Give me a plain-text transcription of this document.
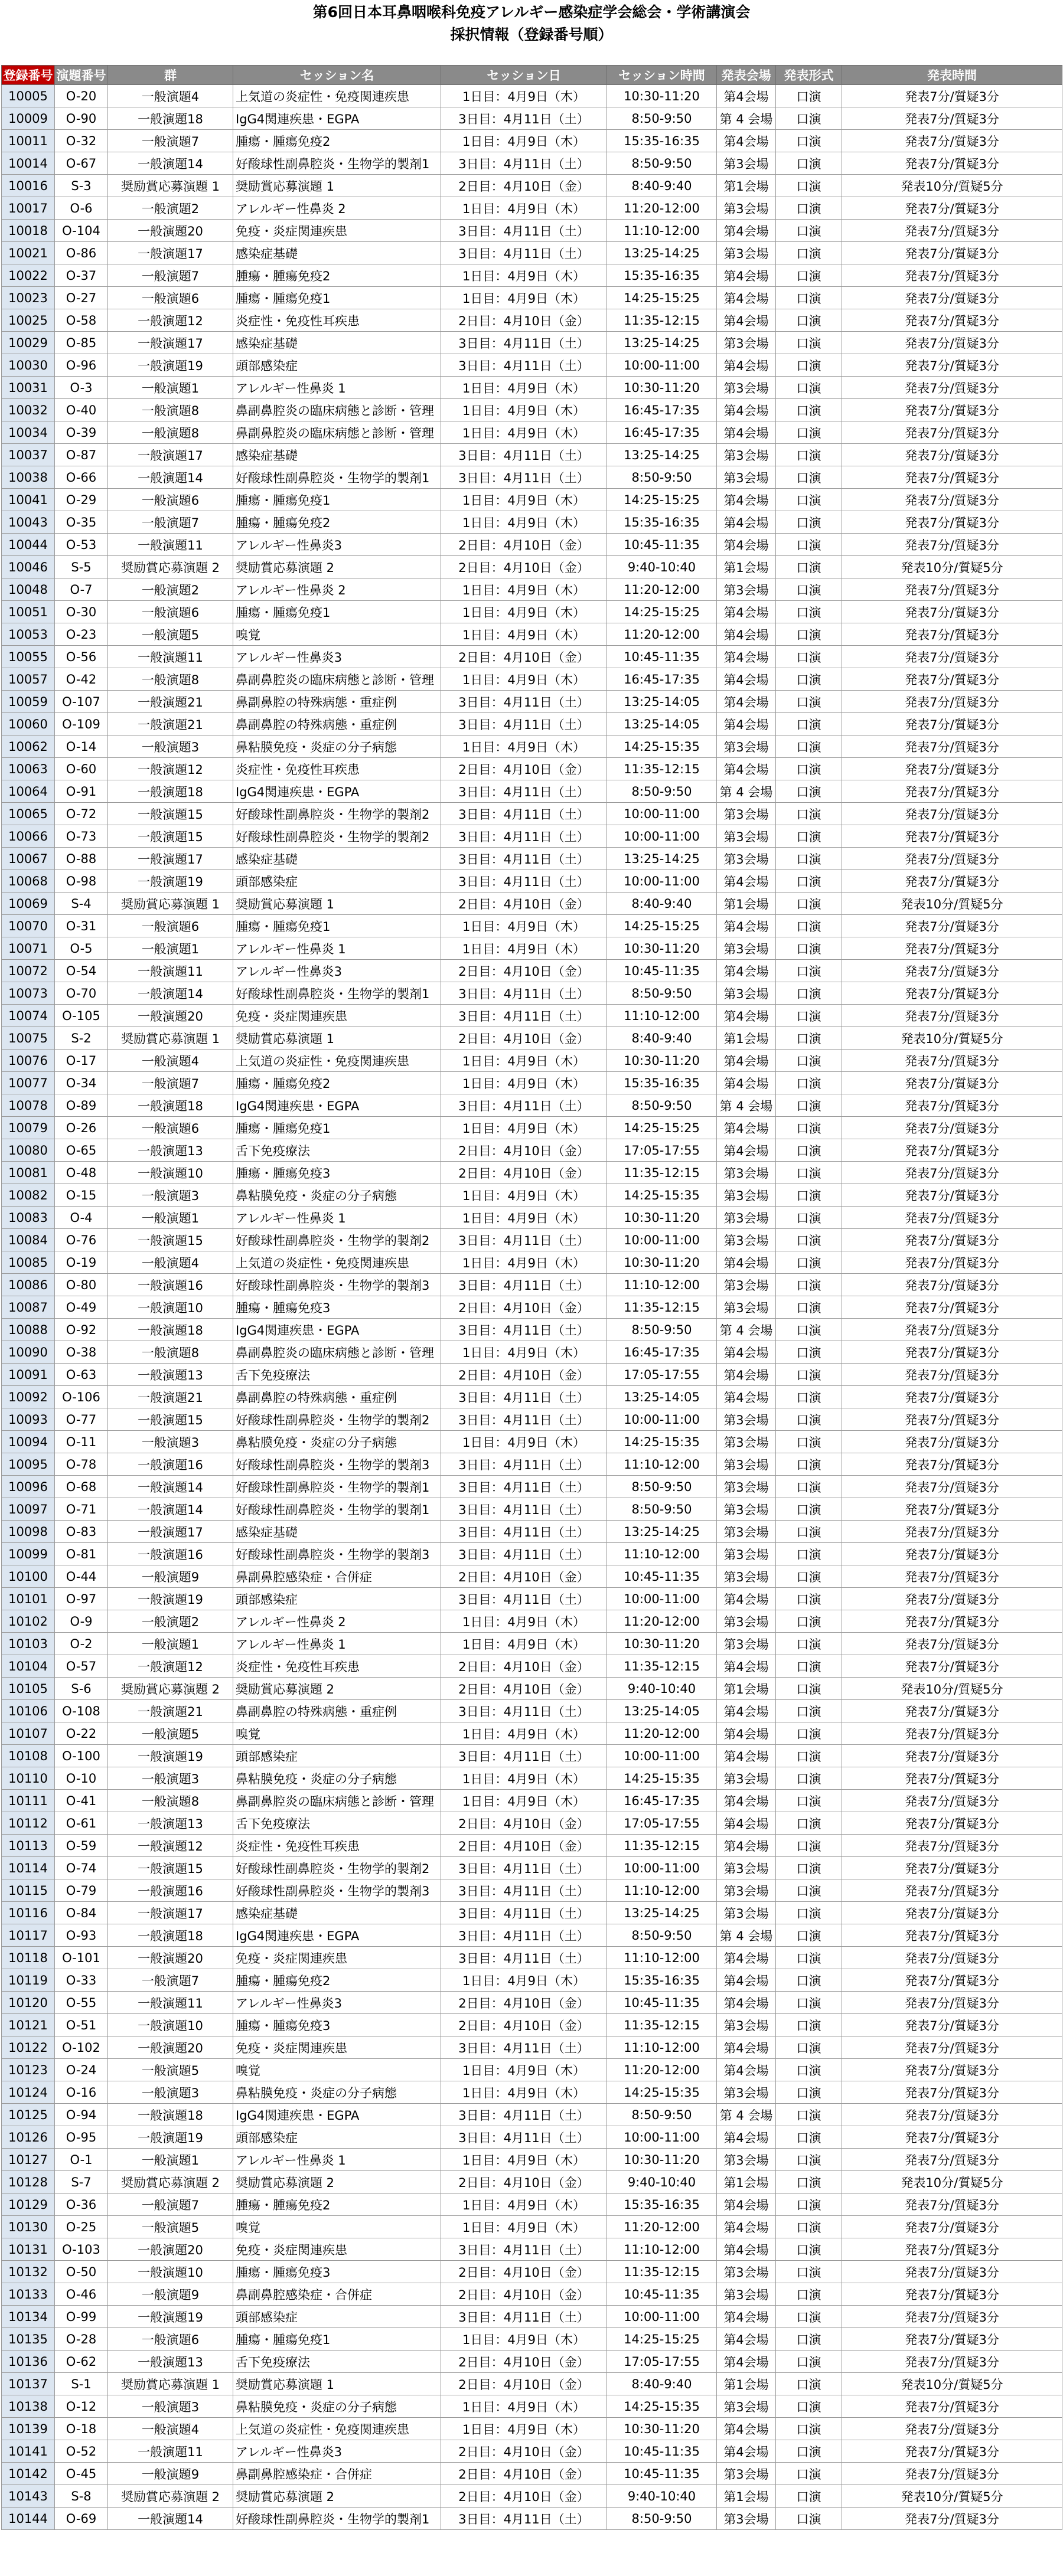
第6回日本耳鼻咽喉科免疫アレルギー感染症学会総会・学術講演会
採択情報（登録番号順）
登録番号	演題番号	群	セッション名	セッション日	セッション時間	発表会場	発表形式	発表時間
10005	O-20	一般演題4	上気道の炎症性・免疫関連疾患	1日目：4月9日（木）	10:30-11:20	第4会場	口演	発表7分/質疑3分
10009	O-90	一般演題18	IgG4関連疾患・EGPA	3日目：4月11日（土）	8:50-9:50	第 4 会場	口演	発表7分/質疑3分
10011	O-32	一般演題7	腫瘍・腫瘍免疫2	1日目：4月9日（木）	15:35-16:35	第4会場	口演	発表7分/質疑3分
10014	O-67	一般演題14	好酸球性副鼻腔炎・生物学的製剤1	3日目：4月11日（土）	8:50-9:50	第3会場	口演	発表7分/質疑3分
10016	S-3	奨励賞応募演題 1	奨励賞応募演題 1	2日目：4月10日（金）	8:40-9:40	第1会場	口演	発表10分/質疑5分
10017	O-6	一般演題2	アレルギー性鼻炎 2	1日目：4月9日（木）	11:20-12:00	第3会場	口演	発表7分/質疑3分
10018	O-104	一般演題20	免疫・炎症関連疾患	3日目：4月11日（土）	11:10-12:00	第4会場	口演	発表7分/質疑3分
10021	O-86	一般演題17	感染症基礎	3日目：4月11日（土）	13:25-14:25	第3会場	口演	発表7分/質疑3分
10022	O-37	一般演題7	腫瘍・腫瘍免疫2	1日目：4月9日（木）	15:35-16:35	第4会場	口演	発表7分/質疑3分
10023	O-27	一般演題6	腫瘍・腫瘍免疫1	1日目：4月9日（木）	14:25-15:25	第4会場	口演	発表7分/質疑3分
10025	O-58	一般演題12	炎症性・免疫性耳疾患	2日目：4月10日（金）	11:35-12:15	第4会場	口演	発表7分/質疑3分
10029	O-85	一般演題17	感染症基礎	3日目：4月11日（土）	13:25-14:25	第3会場	口演	発表7分/質疑3分
10030	O-96	一般演題19	頭部感染症	3日目：4月11日（土）	10:00-11:00	第4会場	口演	発表7分/質疑3分
10031	O-3	一般演題1	アレルギー性鼻炎 1	1日目：4月9日（木）	10:30-11:20	第3会場	口演	発表7分/質疑3分
10032	O-40	一般演題8	鼻副鼻腔炎の臨床病態と診断・管理	1日目：4月9日（木）	16:45-17:35	第4会場	口演	発表7分/質疑3分
10034	O-39	一般演題8	鼻副鼻腔炎の臨床病態と診断・管理	1日目：4月9日（木）	16:45-17:35	第4会場	口演	発表7分/質疑3分
10037	O-87	一般演題17	感染症基礎	3日目：4月11日（土）	13:25-14:25	第3会場	口演	発表7分/質疑3分
10038	O-66	一般演題14	好酸球性副鼻腔炎・生物学的製剤1	3日目：4月11日（土）	8:50-9:50	第3会場	口演	発表7分/質疑3分
10041	O-29	一般演題6	腫瘍・腫瘍免疫1	1日目：4月9日（木）	14:25-15:25	第4会場	口演	発表7分/質疑3分
10043	O-35	一般演題7	腫瘍・腫瘍免疫2	1日目：4月9日（木）	15:35-16:35	第4会場	口演	発表7分/質疑3分
10044	O-53	一般演題11	アレルギー性鼻炎3	2日目：4月10日（金）	10:45-11:35	第4会場	口演	発表7分/質疑3分
10046	S-5	奨励賞応募演題 2	奨励賞応募演題 2	2日目：4月10日（金）	9:40-10:40	第1会場	口演	発表10分/質疑5分
10048	O-7	一般演題2	アレルギー性鼻炎 2	1日目：4月9日（木）	11:20-12:00	第3会場	口演	発表7分/質疑3分
10051	O-30	一般演題6	腫瘍・腫瘍免疫1	1日目：4月9日（木）	14:25-15:25	第4会場	口演	発表7分/質疑3分
10053	O-23	一般演題5	嗅覚	1日目：4月9日（木）	11:20-12:00	第4会場	口演	発表7分/質疑3分
10055	O-56	一般演題11	アレルギー性鼻炎3	2日目：4月10日（金）	10:45-11:35	第4会場	口演	発表7分/質疑3分
10057	O-42	一般演題8	鼻副鼻腔炎の臨床病態と診断・管理	1日目：4月9日（木）	16:45-17:35	第4会場	口演	発表7分/質疑3分
10059	O-107	一般演題21	鼻副鼻腔の特殊病態・重症例	3日目：4月11日（土）	13:25-14:05	第4会場	口演	発表7分/質疑3分
10060	O-109	一般演題21	鼻副鼻腔の特殊病態・重症例	3日目：4月11日（土）	13:25-14:05	第4会場	口演	発表7分/質疑3分
10062	O-14	一般演題3	鼻粘膜免疫・炎症の分子病態	1日目：4月9日（木）	14:25-15:35	第3会場	口演	発表7分/質疑3分
10063	O-60	一般演題12	炎症性・免疫性耳疾患	2日目：4月10日（金）	11:35-12:15	第4会場	口演	発表7分/質疑3分
10064	O-91	一般演題18	IgG4関連疾患・EGPA	3日目：4月11日（土）	8:50-9:50	第 4 会場	口演	発表7分/質疑3分
10065	O-72	一般演題15	好酸球性副鼻腔炎・生物学的製剤2	3日目：4月11日（土）	10:00-11:00	第3会場	口演	発表7分/質疑3分
10066	O-73	一般演題15	好酸球性副鼻腔炎・生物学的製剤2	3日目：4月11日（土）	10:00-11:00	第3会場	口演	発表7分/質疑3分
10067	O-88	一般演題17	感染症基礎	3日目：4月11日（土）	13:25-14:25	第3会場	口演	発表7分/質疑3分
10068	O-98	一般演題19	頭部感染症	3日目：4月11日（土）	10:00-11:00	第4会場	口演	発表7分/質疑3分
10069	S-4	奨励賞応募演題 1	奨励賞応募演題 1	2日目：4月10日（金）	8:40-9:40	第1会場	口演	発表10分/質疑5分
10070	O-31	一般演題6	腫瘍・腫瘍免疫1	1日目：4月9日（木）	14:25-15:25	第4会場	口演	発表7分/質疑3分
10071	O-5	一般演題1	アレルギー性鼻炎 1	1日目：4月9日（木）	10:30-11:20	第3会場	口演	発表7分/質疑3分
10072	O-54	一般演題11	アレルギー性鼻炎3	2日目：4月10日（金）	10:45-11:35	第4会場	口演	発表7分/質疑3分
10073	O-70	一般演題14	好酸球性副鼻腔炎・生物学的製剤1	3日目：4月11日（土）	8:50-9:50	第3会場	口演	発表7分/質疑3分
10074	O-105	一般演題20	免疫・炎症関連疾患	3日目：4月11日（土）	11:10-12:00	第4会場	口演	発表7分/質疑3分
10075	S-2	奨励賞応募演題 1	奨励賞応募演題 1	2日目：4月10日（金）	8:40-9:40	第1会場	口演	発表10分/質疑5分
10076	O-17	一般演題4	上気道の炎症性・免疫関連疾患	1日目：4月9日（木）	10:30-11:20	第4会場	口演	発表7分/質疑3分
10077	O-34	一般演題7	腫瘍・腫瘍免疫2	1日目：4月9日（木）	15:35-16:35	第4会場	口演	発表7分/質疑3分
10078	O-89	一般演題18	IgG4関連疾患・EGPA	3日目：4月11日（土）	8:50-9:50	第 4 会場	口演	発表7分/質疑3分
10079	O-26	一般演題6	腫瘍・腫瘍免疫1	1日目：4月9日（木）	14:25-15:25	第4会場	口演	発表7分/質疑3分
10080	O-65	一般演題13	舌下免疫療法	2日目：4月10日（金）	17:05-17:55	第4会場	口演	発表7分/質疑3分
10081	O-48	一般演題10	腫瘍・腫瘍免疫3	2日目：4月10日（金）	11:35-12:15	第3会場	口演	発表7分/質疑3分
10082	O-15	一般演題3	鼻粘膜免疫・炎症の分子病態	1日目：4月9日（木）	14:25-15:35	第3会場	口演	発表7分/質疑3分
10083	O-4	一般演題1	アレルギー性鼻炎 1	1日目：4月9日（木）	10:30-11:20	第3会場	口演	発表7分/質疑3分
10084	O-76	一般演題15	好酸球性副鼻腔炎・生物学的製剤2	3日目：4月11日（土）	10:00-11:00	第3会場	口演	発表7分/質疑3分
10085	O-19	一般演題4	上気道の炎症性・免疫関連疾患	1日目：4月9日（木）	10:30-11:20	第4会場	口演	発表7分/質疑3分
10086	O-80	一般演題16	好酸球性副鼻腔炎・生物学的製剤3	3日目：4月11日（土）	11:10-12:00	第3会場	口演	発表7分/質疑3分
10087	O-49	一般演題10	腫瘍・腫瘍免疫3	2日目：4月10日（金）	11:35-12:15	第3会場	口演	発表7分/質疑3分
10088	O-92	一般演題18	IgG4関連疾患・EGPA	3日目：4月11日（土）	8:50-9:50	第 4 会場	口演	発表7分/質疑3分
10090	O-38	一般演題8	鼻副鼻腔炎の臨床病態と診断・管理	1日目：4月9日（木）	16:45-17:35	第4会場	口演	発表7分/質疑3分
10091	O-63	一般演題13	舌下免疫療法	2日目：4月10日（金）	17:05-17:55	第4会場	口演	発表7分/質疑3分
10092	O-106	一般演題21	鼻副鼻腔の特殊病態・重症例	3日目：4月11日（土）	13:25-14:05	第4会場	口演	発表7分/質疑3分
10093	O-77	一般演題15	好酸球性副鼻腔炎・生物学的製剤2	3日目：4月11日（土）	10:00-11:00	第3会場	口演	発表7分/質疑3分
10094	O-11	一般演題3	鼻粘膜免疫・炎症の分子病態	1日目：4月9日（木）	14:25-15:35	第3会場	口演	発表7分/質疑3分
10095	O-78	一般演題16	好酸球性副鼻腔炎・生物学的製剤3	3日目：4月11日（土）	11:10-12:00	第3会場	口演	発表7分/質疑3分
10096	O-68	一般演題14	好酸球性副鼻腔炎・生物学的製剤1	3日目：4月11日（土）	8:50-9:50	第3会場	口演	発表7分/質疑3分
10097	O-71	一般演題14	好酸球性副鼻腔炎・生物学的製剤1	3日目：4月11日（土）	8:50-9:50	第3会場	口演	発表7分/質疑3分
10098	O-83	一般演題17	感染症基礎	3日目：4月11日（土）	13:25-14:25	第3会場	口演	発表7分/質疑3分
10099	O-81	一般演題16	好酸球性副鼻腔炎・生物学的製剤3	3日目：4月11日（土）	11:10-12:00	第3会場	口演	発表7分/質疑3分
10100	O-44	一般演題9	鼻副鼻腔感染症・合併症	2日目：4月10日（金）	10:45-11:35	第3会場	口演	発表7分/質疑3分
10101	O-97	一般演題19	頭部感染症	3日目：4月11日（土）	10:00-11:00	第4会場	口演	発表7分/質疑3分
10102	O-9	一般演題2	アレルギー性鼻炎 2	1日目：4月9日（木）	11:20-12:00	第3会場	口演	発表7分/質疑3分
10103	O-2	一般演題1	アレルギー性鼻炎 1	1日目：4月9日（木）	10:30-11:20	第3会場	口演	発表7分/質疑3分
10104	O-57	一般演題12	炎症性・免疫性耳疾患	2日目：4月10日（金）	11:35-12:15	第4会場	口演	発表7分/質疑3分
10105	S-6	奨励賞応募演題 2	奨励賞応募演題 2	2日目：4月10日（金）	9:40-10:40	第1会場	口演	発表10分/質疑5分
10106	O-108	一般演題21	鼻副鼻腔の特殊病態・重症例	3日目：4月11日（土）	13:25-14:05	第4会場	口演	発表7分/質疑3分
10107	O-22	一般演題5	嗅覚	1日目：4月9日（木）	11:20-12:00	第4会場	口演	発表7分/質疑3分
10108	O-100	一般演題19	頭部感染症	3日目：4月11日（土）	10:00-11:00	第4会場	口演	発表7分/質疑3分
10110	O-10	一般演題3	鼻粘膜免疫・炎症の分子病態	1日目：4月9日（木）	14:25-15:35	第3会場	口演	発表7分/質疑3分
10111	O-41	一般演題8	鼻副鼻腔炎の臨床病態と診断・管理	1日目：4月9日（木）	16:45-17:35	第4会場	口演	発表7分/質疑3分
10112	O-61	一般演題13	舌下免疫療法	2日目：4月10日（金）	17:05-17:55	第4会場	口演	発表7分/質疑3分
10113	O-59	一般演題12	炎症性・免疫性耳疾患	2日目：4月10日（金）	11:35-12:15	第4会場	口演	発表7分/質疑3分
10114	O-74	一般演題15	好酸球性副鼻腔炎・生物学的製剤2	3日目：4月11日（土）	10:00-11:00	第3会場	口演	発表7分/質疑3分
10115	O-79	一般演題16	好酸球性副鼻腔炎・生物学的製剤3	3日目：4月11日（土）	11:10-12:00	第3会場	口演	発表7分/質疑3分
10116	O-84	一般演題17	感染症基礎	3日目：4月11日（土）	13:25-14:25	第3会場	口演	発表7分/質疑3分
10117	O-93	一般演題18	IgG4関連疾患・EGPA	3日目：4月11日（土）	8:50-9:50	第 4 会場	口演	発表7分/質疑3分
10118	O-101	一般演題20	免疫・炎症関連疾患	3日目：4月11日（土）	11:10-12:00	第4会場	口演	発表7分/質疑3分
10119	O-33	一般演題7	腫瘍・腫瘍免疫2	1日目：4月9日（木）	15:35-16:35	第4会場	口演	発表7分/質疑3分
10120	O-55	一般演題11	アレルギー性鼻炎3	2日目：4月10日（金）	10:45-11:35	第4会場	口演	発表7分/質疑3分
10121	O-51	一般演題10	腫瘍・腫瘍免疫3	2日目：4月10日（金）	11:35-12:15	第3会場	口演	発表7分/質疑3分
10122	O-102	一般演題20	免疫・炎症関連疾患	3日目：4月11日（土）	11:10-12:00	第4会場	口演	発表7分/質疑3分
10123	O-24	一般演題5	嗅覚	1日目：4月9日（木）	11:20-12:00	第4会場	口演	発表7分/質疑3分
10124	O-16	一般演題3	鼻粘膜免疫・炎症の分子病態	1日目：4月9日（木）	14:25-15:35	第3会場	口演	発表7分/質疑3分
10125	O-94	一般演題18	IgG4関連疾患・EGPA	3日目：4月11日（土）	8:50-9:50	第 4 会場	口演	発表7分/質疑3分
10126	O-95	一般演題19	頭部感染症	3日目：4月11日（土）	10:00-11:00	第4会場	口演	発表7分/質疑3分
10127	O-1	一般演題1	アレルギー性鼻炎 1	1日目：4月9日（木）	10:30-11:20	第3会場	口演	発表7分/質疑3分
10128	S-7	奨励賞応募演題 2	奨励賞応募演題 2	2日目：4月10日（金）	9:40-10:40	第1会場	口演	発表10分/質疑5分
10129	O-36	一般演題7	腫瘍・腫瘍免疫2	1日目：4月9日（木）	15:35-16:35	第4会場	口演	発表7分/質疑3分
10130	O-25	一般演題5	嗅覚	1日目：4月9日（木）	11:20-12:00	第4会場	口演	発表7分/質疑3分
10131	O-103	一般演題20	免疫・炎症関連疾患	3日目：4月11日（土）	11:10-12:00	第4会場	口演	発表7分/質疑3分
10132	O-50	一般演題10	腫瘍・腫瘍免疫3	2日目：4月10日（金）	11:35-12:15	第3会場	口演	発表7分/質疑3分
10133	O-46	一般演題9	鼻副鼻腔感染症・合併症	2日目：4月10日（金）	10:45-11:35	第3会場	口演	発表7分/質疑3分
10134	O-99	一般演題19	頭部感染症	3日目：4月11日（土）	10:00-11:00	第4会場	口演	発表7分/質疑3分
10135	O-28	一般演題6	腫瘍・腫瘍免疫1	1日目：4月9日（木）	14:25-15:25	第4会場	口演	発表7分/質疑3分
10136	O-62	一般演題13	舌下免疫療法	2日目：4月10日（金）	17:05-17:55	第4会場	口演	発表7分/質疑3分
10137	S-1	奨励賞応募演題 1	奨励賞応募演題 1	2日目：4月10日（金）	8:40-9:40	第1会場	口演	発表10分/質疑5分
10138	O-12	一般演題3	鼻粘膜免疫・炎症の分子病態	1日目：4月9日（木）	14:25-15:35	第3会場	口演	発表7分/質疑3分
10139	O-18	一般演題4	上気道の炎症性・免疫関連疾患	1日目：4月9日（木）	10:30-11:20	第4会場	口演	発表7分/質疑3分
10141	O-52	一般演題11	アレルギー性鼻炎3	2日目：4月10日（金）	10:45-11:35	第4会場	口演	発表7分/質疑3分
10142	O-45	一般演題9	鼻副鼻腔感染症・合併症	2日目：4月10日（金）	10:45-11:35	第3会場	口演	発表7分/質疑3分
10143	S-8	奨励賞応募演題 2	奨励賞応募演題 2	2日目：4月10日（金）	9:40-10:40	第1会場	口演	発表10分/質疑5分
10144	O-69	一般演題14	好酸球性副鼻腔炎・生物学的製剤1	3日目：4月11日（土）	8:50-9:50	第3会場	口演	発表7分/質疑3分
